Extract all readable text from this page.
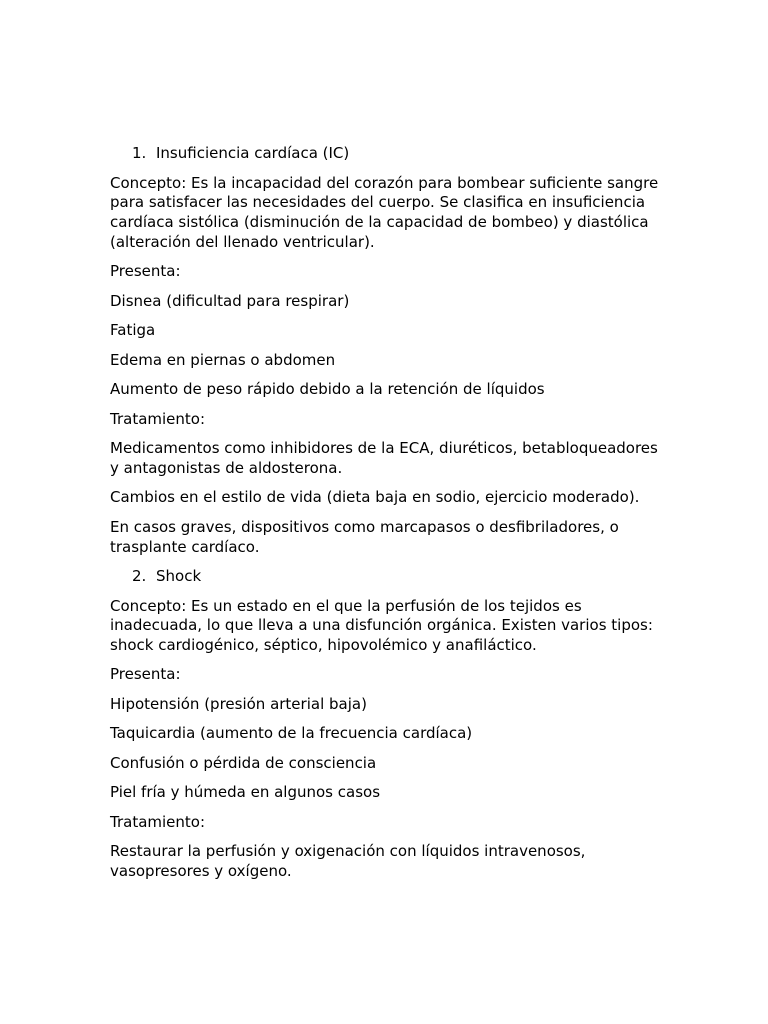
1. Insuficiencia cardíaca (IC)

Concepto: Es la incapacidad del corazón para bombear suficiente sangre para satisfacer las necesidades del cuerpo. Se clasifica en insuficiencia cardíaca sistólica (disminución de la capacidad de bombeo) y diastólica (alteración del llenado ventricular).

Presenta:

Disnea (dificultad para respirar)

Fatiga

Edema en piernas o abdomen

Aumento de peso rápido debido a la retención de líquidos

Tratamiento:

Medicamentos como inhibidores de la ECA, diuréticos, betabloqueadores y antagonistas de aldosterona.

Cambios en el estilo de vida (dieta baja en sodio, ejercicio moderado).

En casos graves, dispositivos como marcapasos o desfibriladores, o trasplante cardíaco.

2. Shock

Concepto: Es un estado en el que la perfusión de los tejidos es inadecuada, lo que lleva a una disfunción orgánica. Existen varios tipos: shock cardiogénico, séptico, hipovolémico y anafiláctico.

Presenta:

Hipotensión (presión arterial baja)

Taquicardia (aumento de la frecuencia cardíaca)

Confusión o pérdida de consciencia

Piel fría y húmeda en algunos casos

Tratamiento:

Restaurar la perfusión y oxigenación con líquidos intravenosos, vasopresores y oxígeno.
